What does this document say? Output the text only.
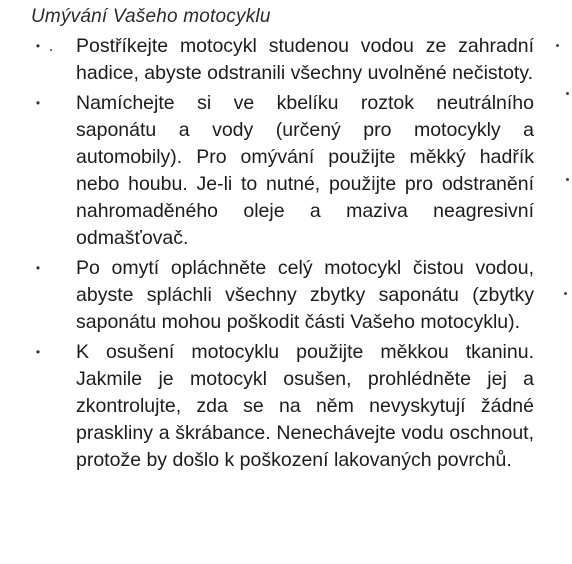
Umývání Vašeho motocyklu
• Postříkejte motocykl studenou vodou ze zahradní hadice, abyste odstranili všechny uvolněné nečistoty.
• Namíchejte si ve kbelíku roztok neutrálního saponátu a vody (určený pro motocykly a automobily). Pro omývání použijte měkký hadřík nebo houbu. Je-li to nutné, použijte pro odstranění nahromaděného oleje a maziva neagresivní odmašťovač.
• Po omytí opláchněte celý motocykl čistou vodou, abyste spláchli všechny zbytky saponátu (zbytky saponátu mohou poškodit části Vašeho motocyklu).
• K osušení motocyklu použijte měkkou tkaninu. Jakmile je motocykl osušen, prohlédněte jej a zkontrolujte, zda se na něm nevyskytují žádné praskliny a škrábance. Nenechávejte vodu oschnout, protože by došlo k poškození lakovaných povrchů.
